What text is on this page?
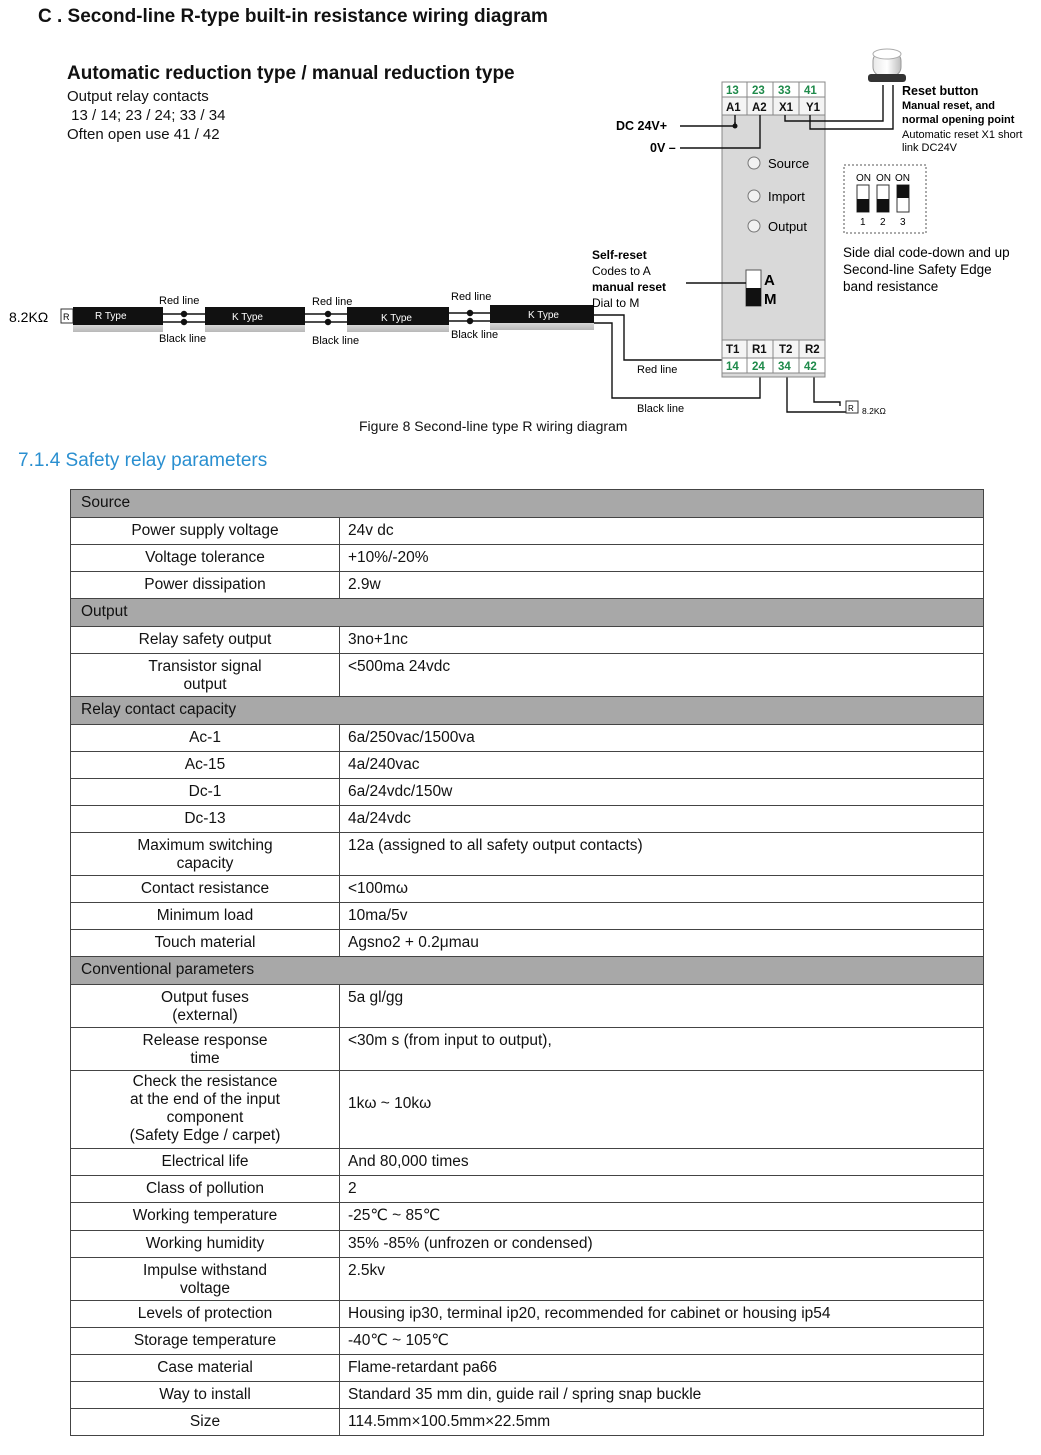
C . Second-line R-type built-in resistance wiring diagram
Automatic reduction type / manual reduction type
Output relay contacts
13 / 14; 23 / 24; 33 / 34
Often open use 41 / 42
8.2KΩ R	R Type	K Type	K Type	K Type
Red line
Black line
Red line
Black line
Red line
Black line
Red line
Black line
13 23 33 41
14 24 34 42
A1 A2 X1 Y1
T1 R1 T2 R2
DC 24V+
0V –
Source
Import
Output
A
M
Self-reset
Codes to A
manual reset
Dial to M
Reset button
Manual reset, and
normal opening point
Automatic reset X1 short
link DC24V
ON ON ON
1 2 3
Side dial code-down and up
Second-line Safety Edge
band resistance
R 8.2KΩ
Figure 8 Second-line type R wiring diagram
7.1.4 Safety relay parameters
Source	
Power supply voltage	24v dc
Voltage tolerance	+10%/-20%
Power dissipation	2.9w
Output	
Relay safety output	3no+1nc

Transistor signal
output	<500ma 24vdc
Relay contact capacity	
Ac-1	6a/250vac/1500va
Ac-15	4a/240vac
Dc-1	6a/24vdc/150w
Dc-13	4a/24vdc

Maximum switching
capacity	12a (assigned to all safety output contacts)
Contact resistance	<100mω
Minimum load	10ma/5v
Touch material	Agsno2 + 0.2μmau
Conventional parameters	

Output fuses
(external)	5a gl/gg

Release response
time	<30m s (from input to output),

Check the resistance
at the end of the input
component
(Safety Edge / carpet)	1kω ~ 10kω
Electrical life	And 80,000 times
Class of pollution	2
Working temperature	-25℃ ~ 85℃
Working humidity	35% -85% (unfrozen or condensed)

Impulse withstand
voltage	2.5kv
Levels of protection	Housing ip30, terminal ip20, recommended for cabinet or housing ip54
Storage temperature	-40℃ ~ 105℃
Case material	Flame-retardant pa66
Way to install	Standard 35 mm din, guide rail / spring snap buckle
Size	114.5mm×100.5mm×22.5mm
